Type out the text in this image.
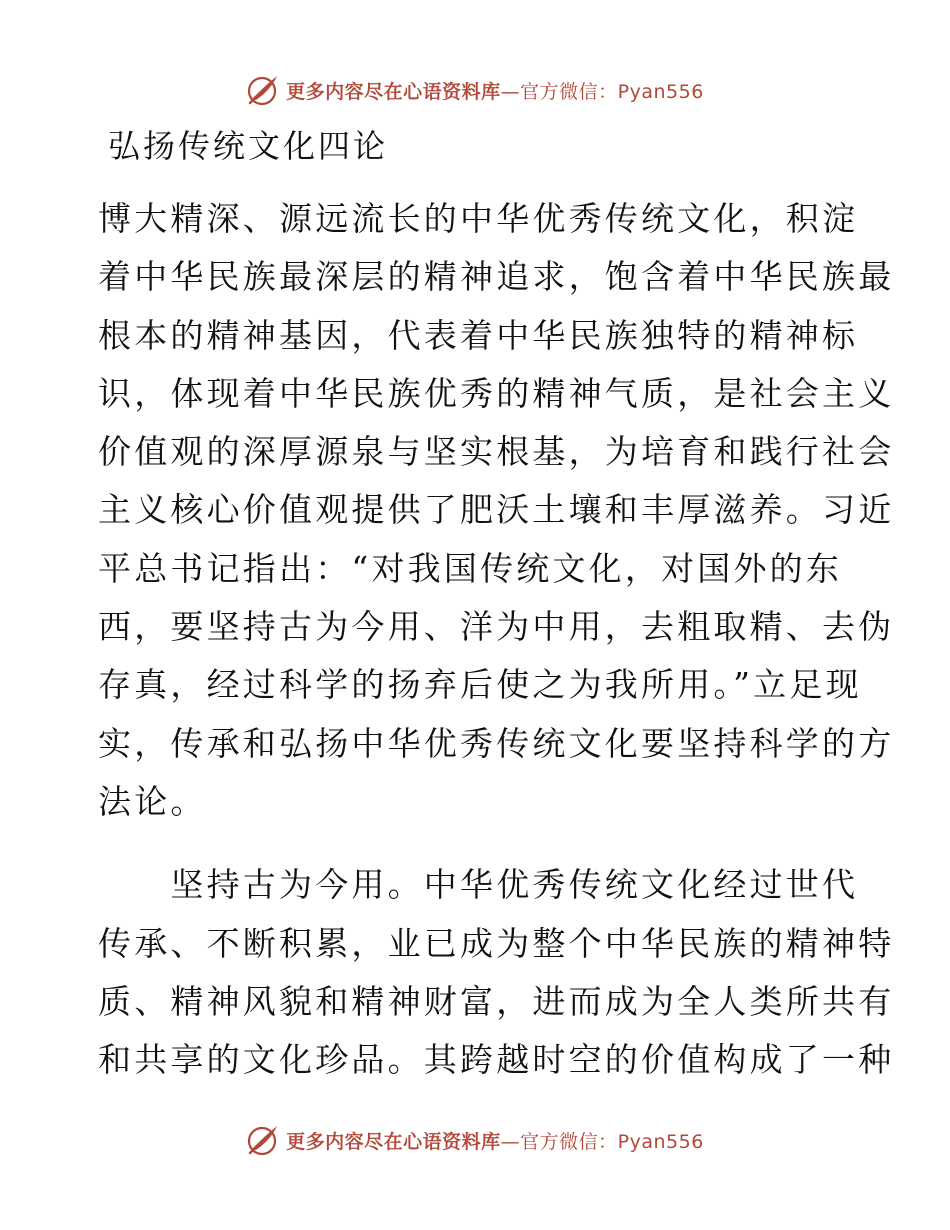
更多内容尽在心语资料库—官方微信：Pyan556
弘扬传统文化四论
博大精深、源远流长的中华优秀传统文化，积淀
着中华民族最深层的精神追求，饱含着中华民族最
根本的精神基因，代表着中华民族独特的精神标
识，体现着中华民族优秀的精神气质，是社会主义
价值观的深厚源泉与坚实根基，为培育和践行社会
主义核心价值观提供了肥沃土壤和丰厚滋养。习近
平总书记指出：“对我国传统文化，对国外的东
西，要坚持古为今用、洋为中用，去粗取精、去伪
存真，经过科学的扬弃后使之为我所用。”立足现
实，传承和弘扬中华优秀传统文化要坚持科学的方
法论。
　　坚持古为今用。中华优秀传统文化经过世代
传承、不断积累，业已成为整个中华民族的精神特
质、精神风貌和精神财富，进而成为全人类所共有
和共享的文化珍品。其跨越时空的价值构成了一种
更多内容尽在心语资料库—官方微信：Pyan556
